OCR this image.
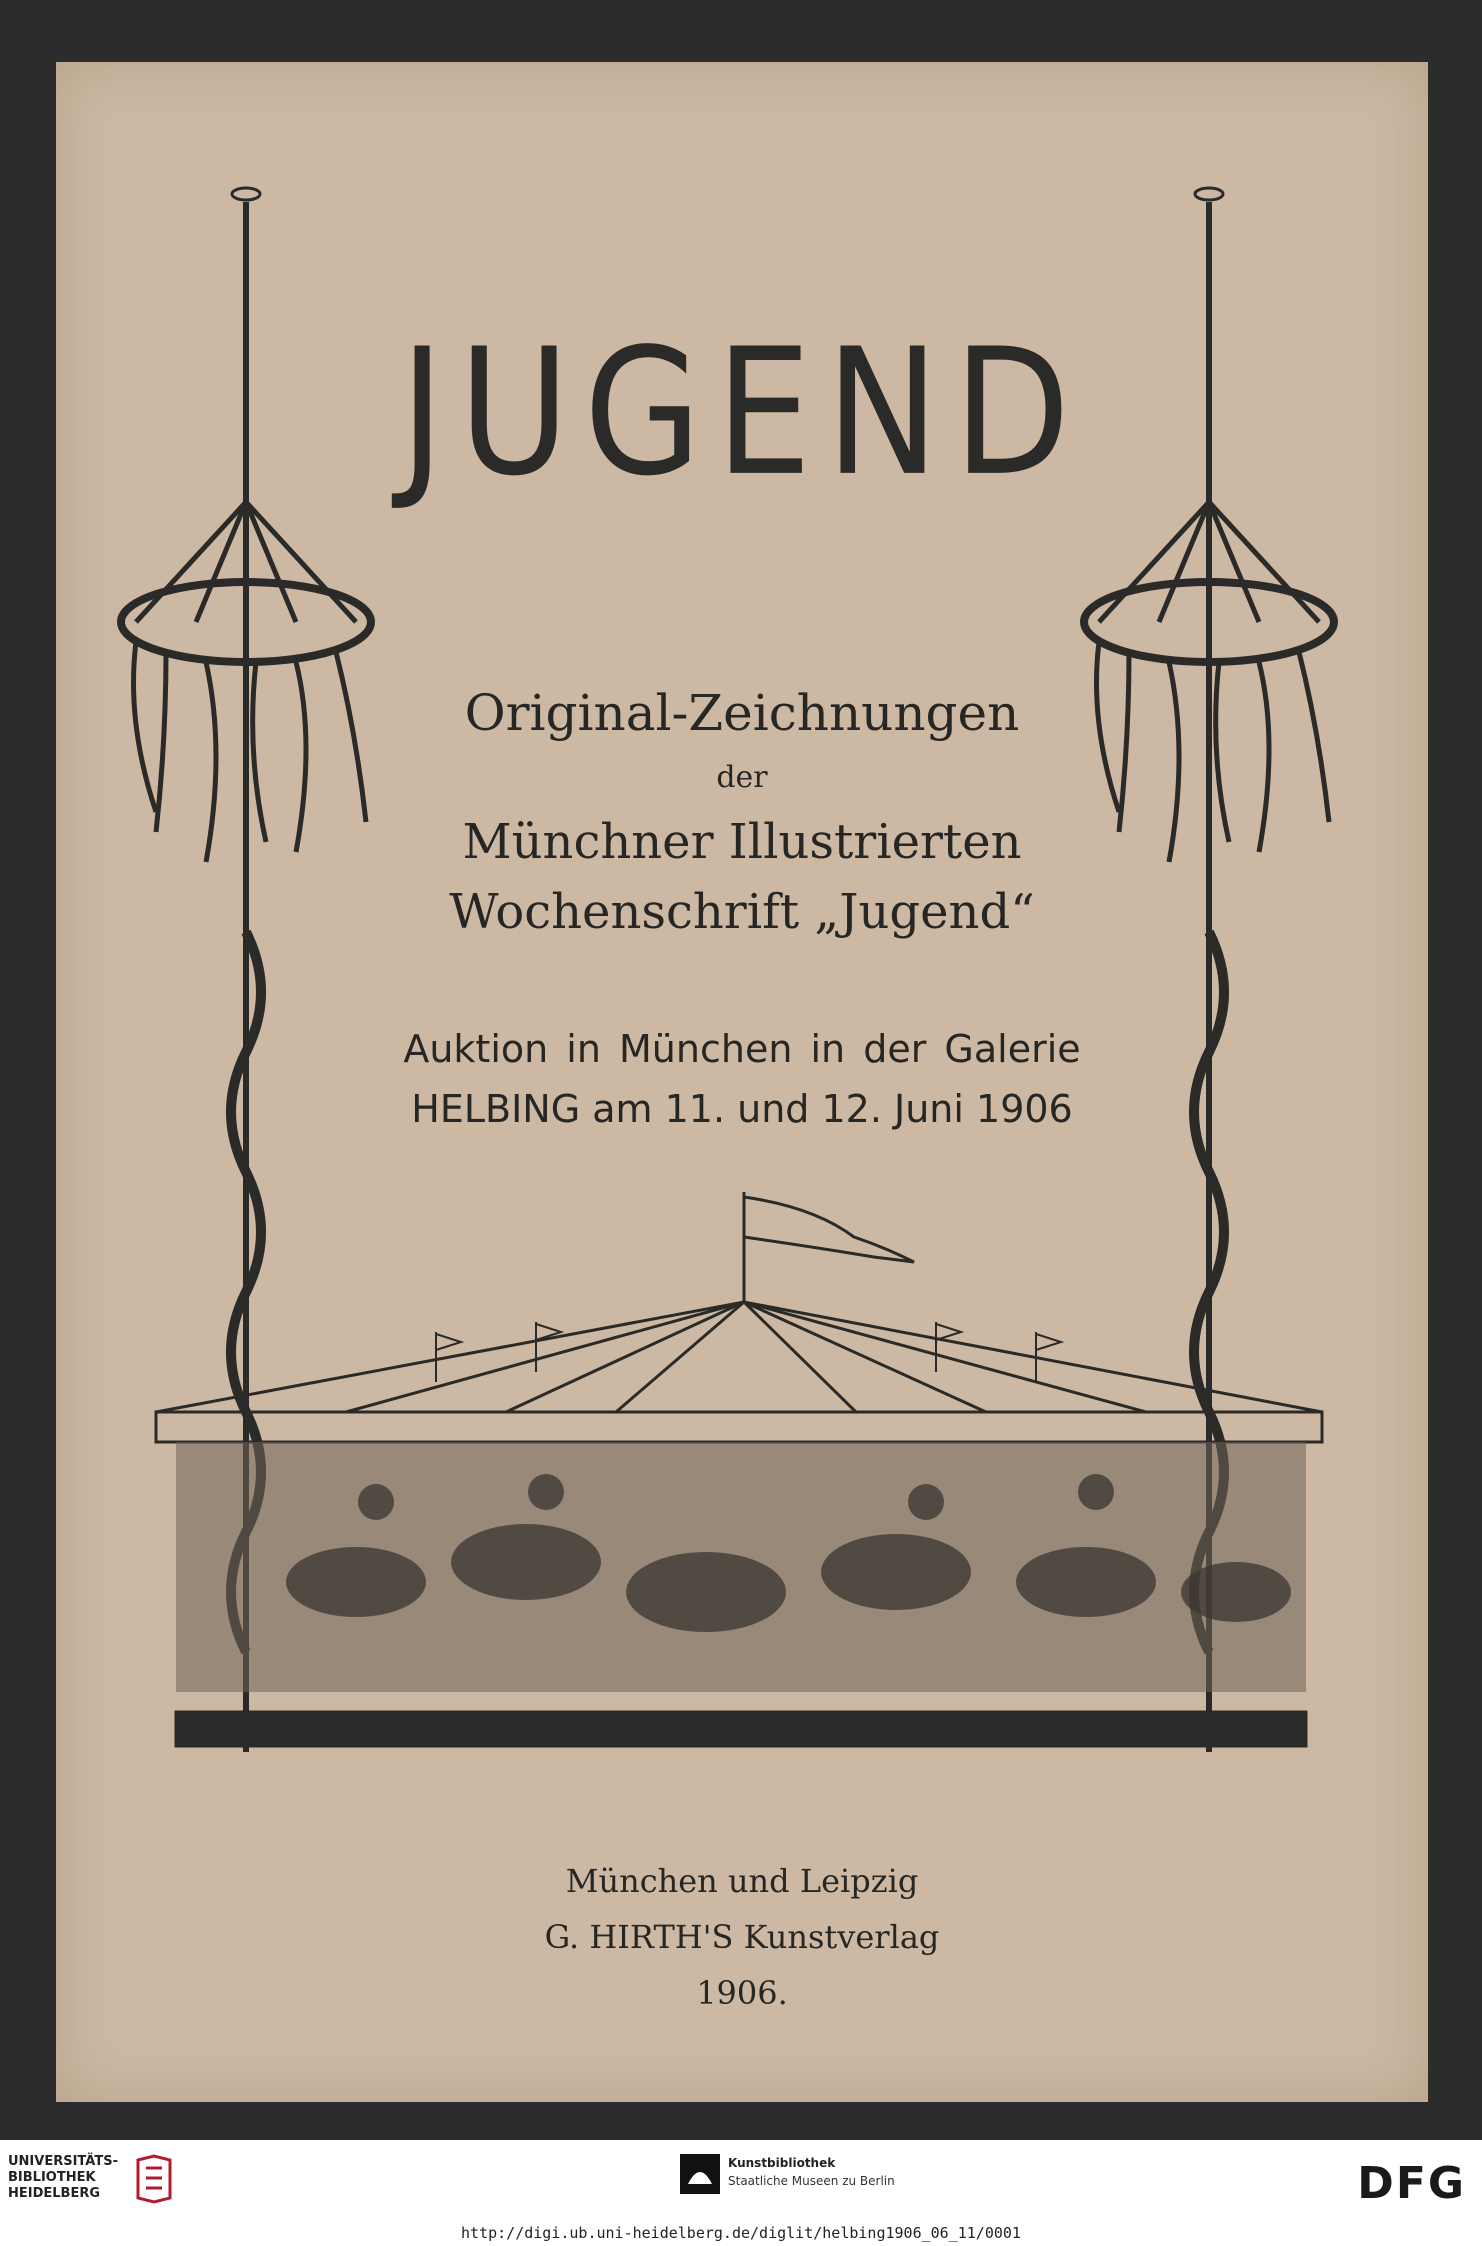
JUGEND

Original-Zeichnungen

der

Münchner Illustrierten

Wochenschrift „Jugend“

Auktion in München in der Galerie

HELBING am 11. und 12. Juni 1906

München und Leipzig

G. HIRTH'S Kunstverlag

1906.

UNIVERSITÄTS-BIBLIOTHEK HEIDELBERG
Kunstbibliothek
Staatliche Museen zu Berlin	DFG
http://digi.ub.uni-heidelberg.de/diglit/helbing1906_06_11/0001
